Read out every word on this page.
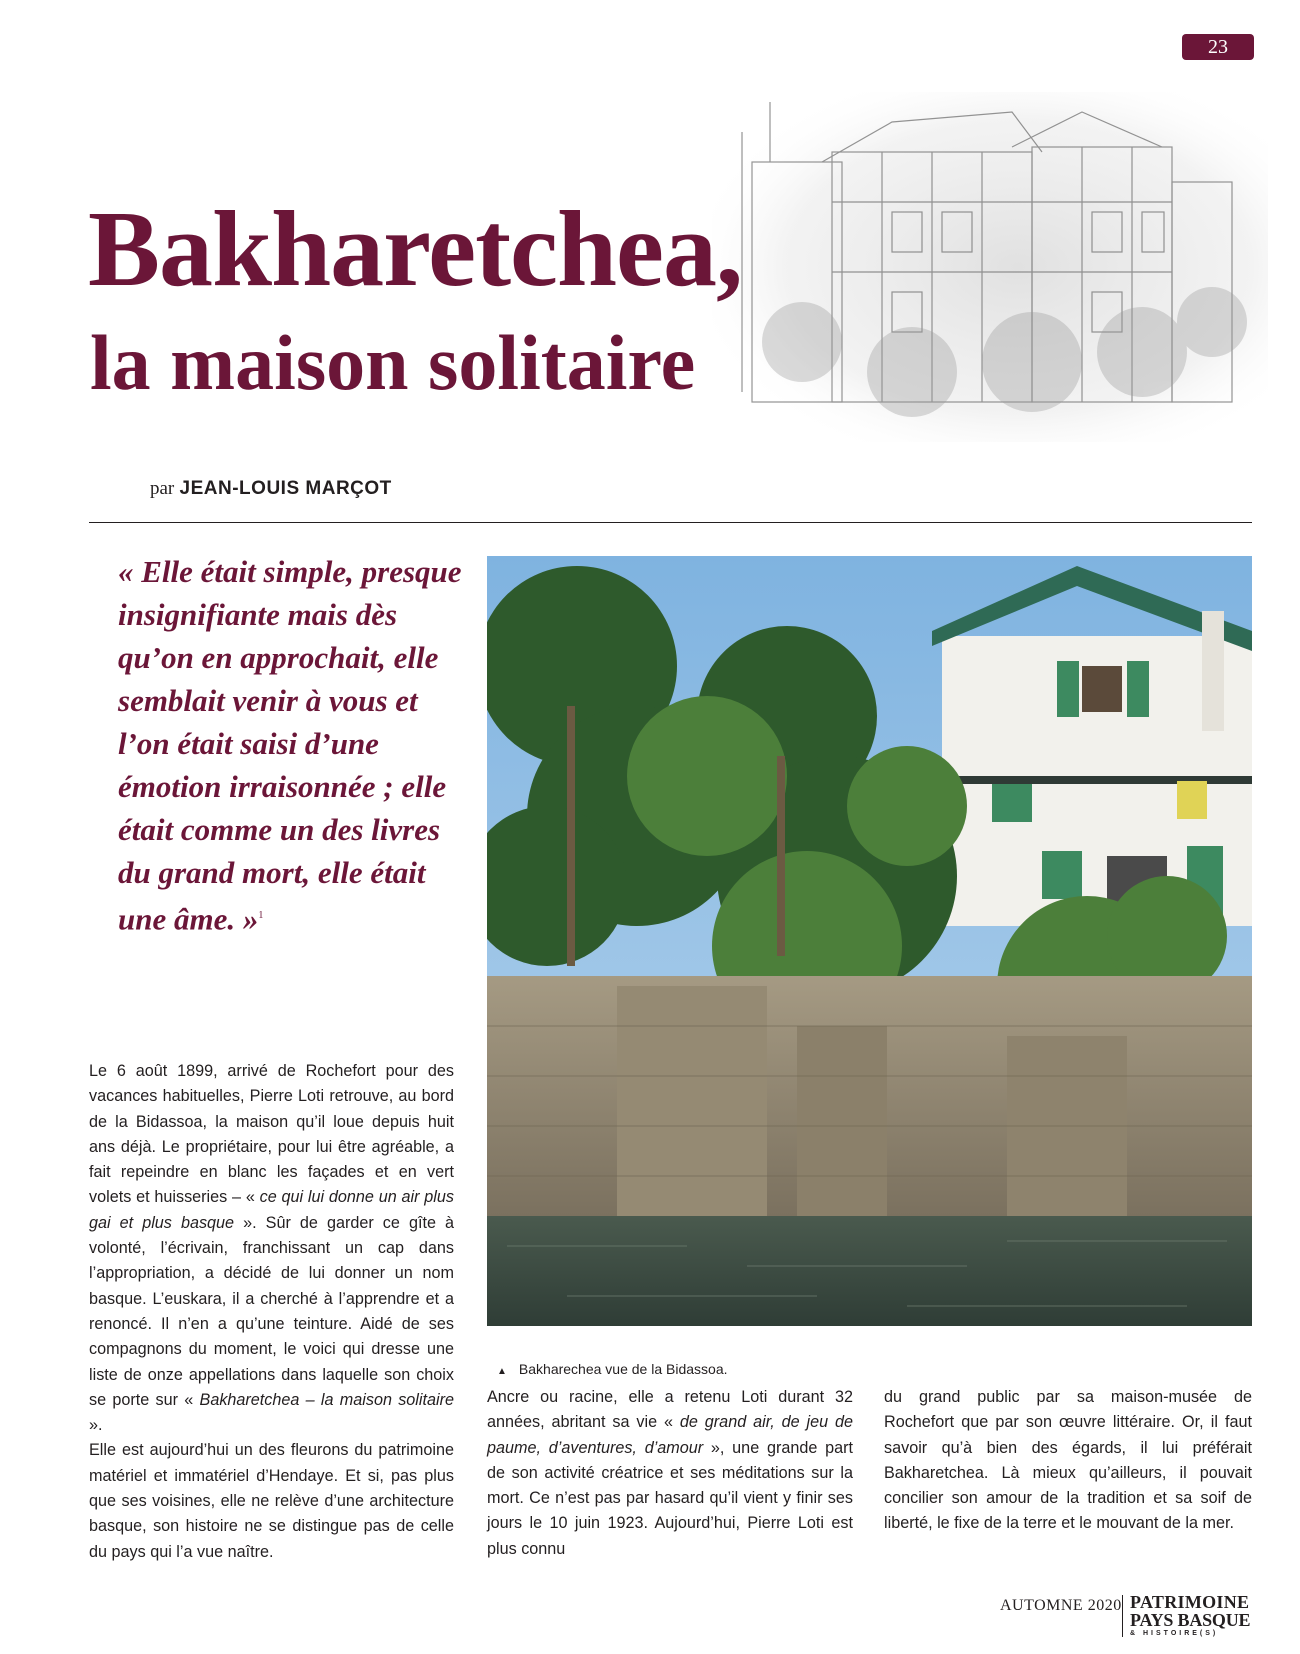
23
Bakharetchea,
la maison solitaire
par JEAN-LOUIS MARÇOT

« Elle était simple, presque insignifiante mais dès qu’on en approchait, elle semblait venir à vous et l’on était saisi d’une émotion irraisonnée ; elle était comme un des livres du grand mort, elle était une âme. »$^1$

Le 6 août 1899, arrivé de Rochefort pour des vacances habituelles, Pierre Loti retrouve, au bord de la Bidassoa, la maison qu’il loue depuis huit ans déjà. Le propriétaire, pour lui être agréable, a fait repeindre en blanc les façades et en vert volets et huisseries – « ce qui lui donne un air plus gai et plus basque ». Sûr de garder ce gîte à volonté, l’écrivain, franchissant un cap dans l’appropriation, a décidé de lui donner un nom basque. L’euskara, il a cherché à l’apprendre et a renoncé. Il n’en a qu’une teinture. Aidé de ses compagnons du moment, le voici qui dresse une liste de onze appellations dans laquelle son choix se porte sur « Bakharetchea – la maison solitaire ».

Elle est aujourd’hui un des fleurons du patrimoine matériel et immatériel d’Hendaye. Et si, pas plus que ses voisines, elle ne relève d’une architecture basque, son histoire ne se distingue pas de celle du pays qui l’a vue naître.

▲ Bakharechea vue de la Bidassoa.

Ancre ou racine, elle a retenu Loti durant 32 années, abritant sa vie « de grand air, de jeu de paume, d’aventures, d’amour », une grande part de son activité créatrice et ses méditations sur la mort. Ce n’est pas par hasard qu’il vient y finir ses jours le 10 juin 1923. Aujourd’hui, Pierre Loti est plus connu

du grand public par sa maison-musée de Rochefort que par son œuvre littéraire. Or, il faut savoir qu’à bien des égards, il lui préférait Bakharetchea. Là mieux qu’ailleurs, il pouvait concilier son amour de la tradition et sa soif de liberté, le fixe de la terre et le mouvant de la mer.

AUTOMNE 2020 PATRIMOINE
PAYS BASQUE
& HISTOIRE(S)
